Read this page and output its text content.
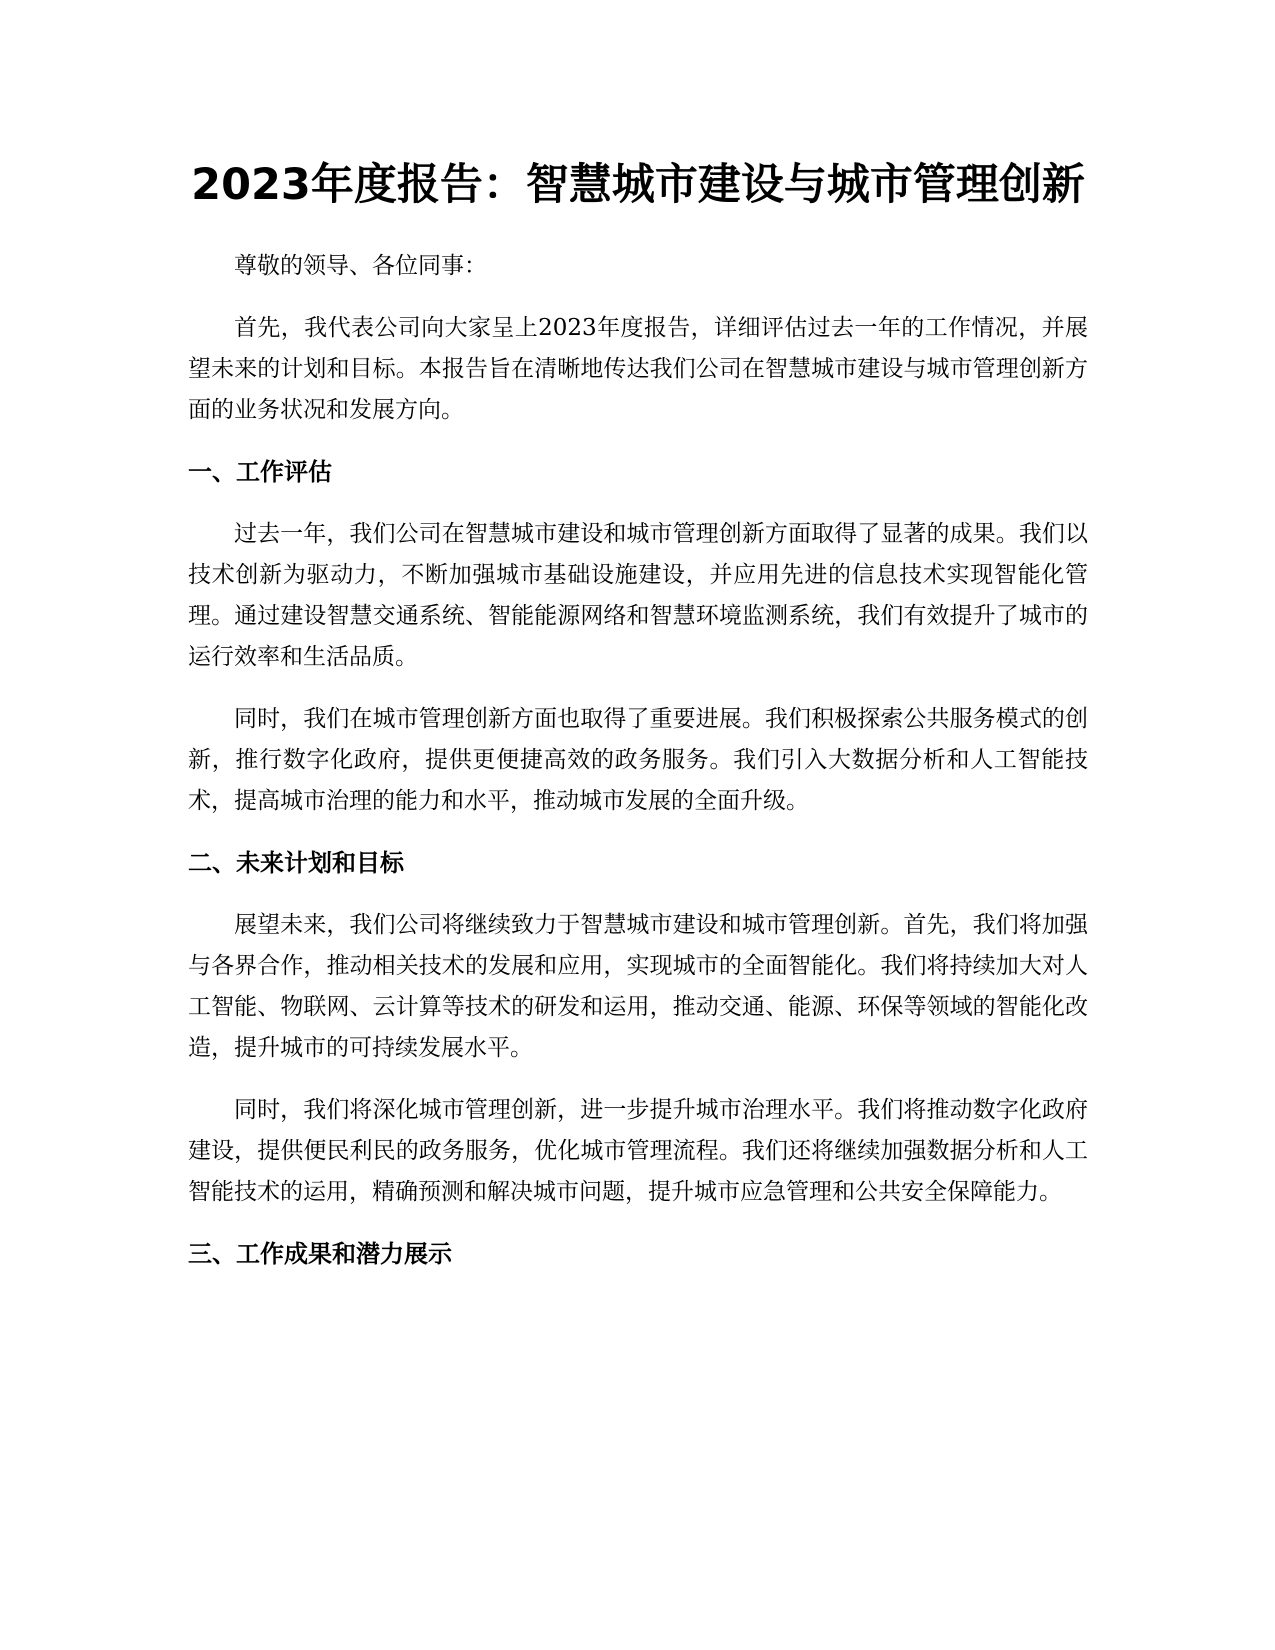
2023年度报告：智慧城市建设与城市管理创新

尊敬的领导、各位同事：

首先，我代表公司向大家呈上2023年度报告，详细评估过去一年的工作情况，并展望未来的计划和目标。本报告旨在清晰地传达我们公司在智慧城市建设与城市管理创新方面的业务状况和发展方向。

一、工作评估

过去一年，我们公司在智慧城市建设和城市管理创新方面取得了显著的成果。我们以技术创新为驱动力，不断加强城市基础设施建设，并应用先进的信息技术实现智能化管理。通过建设智慧交通系统、智能能源网络和智慧环境监测系统，我们有效提升了城市的运行效率和生活品质。

同时，我们在城市管理创新方面也取得了重要进展。我们积极探索公共服务模式的创新，推行数字化政府，提供更便捷高效的政务服务。我们引入大数据分析和人工智能技术，提高城市治理的能力和水平，推动城市发展的全面升级。

二、未来计划和目标

展望未来，我们公司将继续致力于智慧城市建设和城市管理创新。首先，我们将加强与各界合作，推动相关技术的发展和应用，实现城市的全面智能化。我们将持续加大对人工智能、物联网、云计算等技术的研发和运用，推动交通、能源、环保等领域的智能化改造，提升城市的可持续发展水平。

同时，我们将深化城市管理创新，进一步提升城市治理水平。我们将推动数字化政府建设，提供便民利民的政务服务，优化城市管理流程。我们还将继续加强数据分析和人工智能技术的运用，精确预测和解决城市问题，提升城市应急管理和公共安全保障能力。

三、工作成果和潜力展示
